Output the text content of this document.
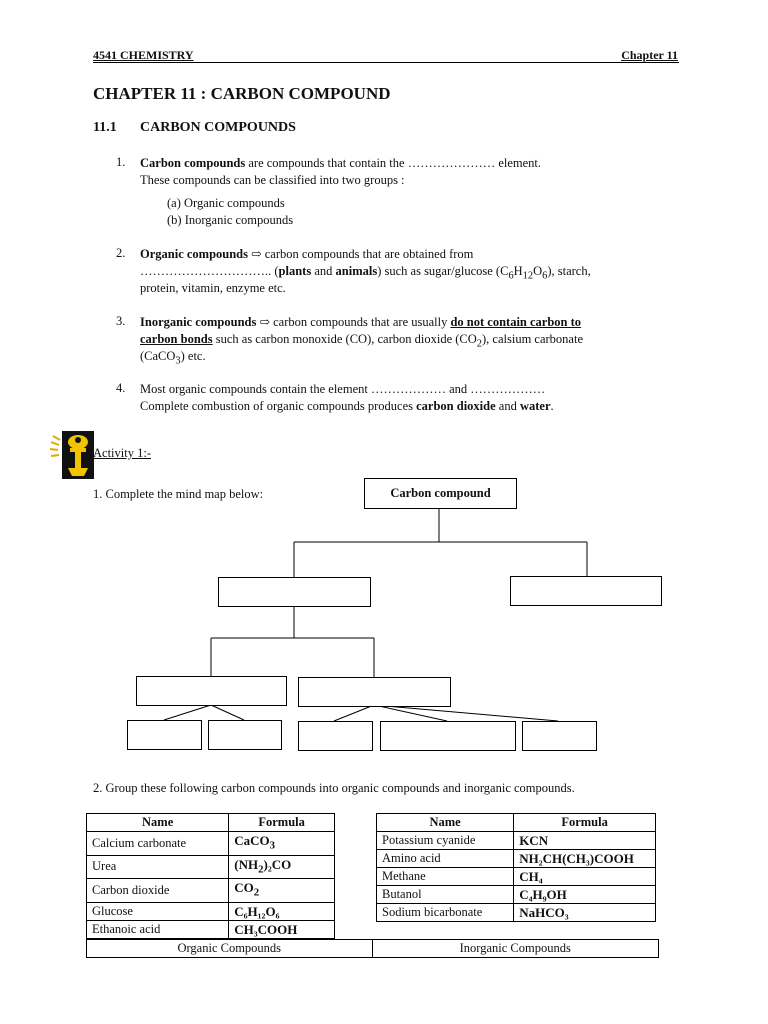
4541 CHEMISTRY	Chapter 11
CHAPTER 11 : CARBON COMPOUND
11.1 CARBON COMPOUNDS
1. Carbon compounds are compounds that contain the ………………… element.
These compounds can be classified into two groups :
(a) Organic compounds
(b) Inorganic compounds
2. Organic compounds ⇨ carbon compounds that are obtained from
………………………….. (plants and animals) such as sugar/glucose $(C_6H_{12}O_6)$, starch,
protein, vitamin, enzyme etc.
3. Inorganic compounds ⇨ carbon compounds that are usually do not contain carbon to
carbon bonds such as carbon monoxide (CO), carbon dioxide $(CO_2)$, calsium carbonate
(CaCO$_3$) etc.
4. Most organic compounds contain the element ……………… and ………………
Complete combustion of organic compounds produces carbon dioxide and water.
Activity 1:-
1. Complete the mind map below:	Carbon compound
2. Group these following carbon compounds into organic compounds and inorganic compounds.
Name	Formula
Calcium carbonate	CaCO$_3$
Urea	$(NH_2)_2CO$
Carbon dioxide	$CO_2$
Glucose	C₆H₁₂O₆
Ethanoic acid	CH₃COOH
Name	Formula
Potassium cyanide	KCN
Amino acid	NH₂CH(CH₃)COOH
Methane	CH₄
Butanol	C₄H₉OH
Sodium bicarbonate	NaHCO₃
Organic Compounds	Inorganic Compounds
